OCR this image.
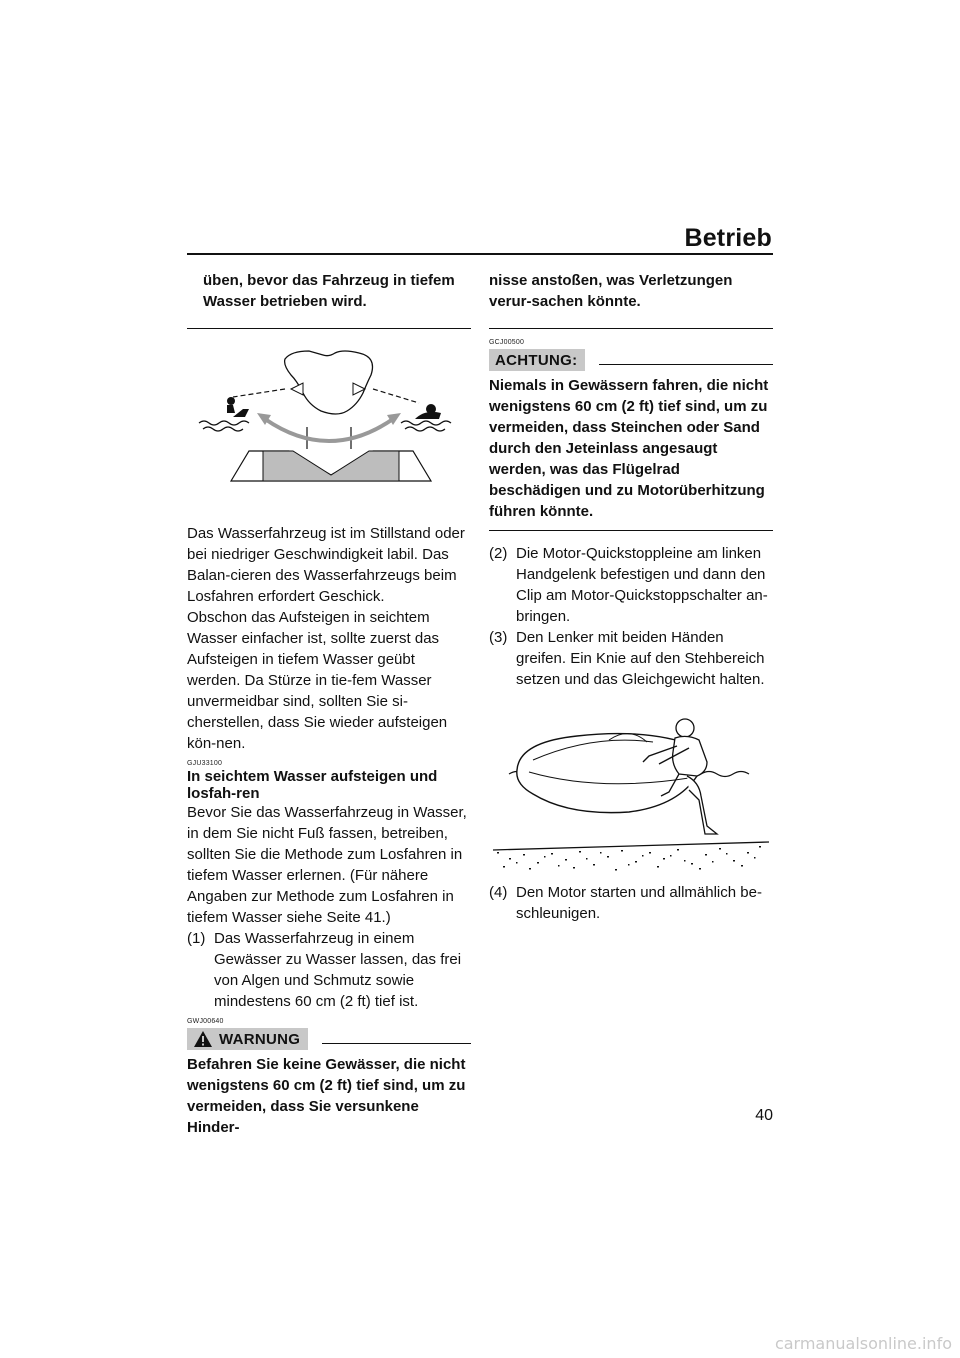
Betrieb

üben, bevor das Fahrzeug in tiefem Wasser betrieben wird.

Das Wasserfahrzeug ist im Stillstand oder bei niedriger Geschwindigkeit labil. Das Balan-cieren des Wasserfahrzeugs beim Losfahren erfordert Geschick.

Obschon das Aufsteigen in seichtem Wasser einfacher ist, sollte zuerst das Aufsteigen in tiefem Wasser geübt werden. Da Stürze in tie-fem Wasser unvermeidbar sind, sollten Sie si-cherstellen, dass Sie wieder aufsteigen kön-nen.

GJU33100

In seichtem Wasser aufsteigen und losfah-ren

Bevor Sie das Wasserfahrzeug in Wasser, in dem Sie nicht Fuß fassen, betreiben, sollten Sie die Methode zum Losfahren in tiefem Wasser erlernen. (Für nähere Angaben zur Methode zum Losfahren in tiefem Wasser siehe Seite 41.)

(1) Das Wasserfahrzeug in einem Gewässer zu Wasser lassen, das frei von Algen und Schmutz sowie mindestens 60 cm (2 ft) tief ist.
GWJ00640
WARNUNG

Befahren Sie keine Gewässer, die nicht wenigstens 60 cm (2 ft) tief sind, um zu vermeiden, dass Sie versunkene Hinder-

nisse anstoßen, was Verletzungen verur-sachen könnte.

GCJ00500
ACHTUNG:

Niemals in Gewässern fahren, die nicht wenigstens 60 cm (2 ft) tief sind, um zu vermeiden, dass Steinchen oder Sand durch den Jeteinlass angesaugt werden, was das Flügelrad beschädigen und zu Motorüberhitzung führen könnte.

(2) Die Motor-Quickstoppleine am linken Handgelenk befestigen und dann den Clip am Motor-Quickstoppschalter an-bringen.
(3) Den Lenker mit beiden Händen greifen. Ein Knie auf den Stehbereich setzen und das Gleichgewicht halten.
(4) Den Motor starten und allmählich be-schleunigen.
40
carmanualsonline.info
